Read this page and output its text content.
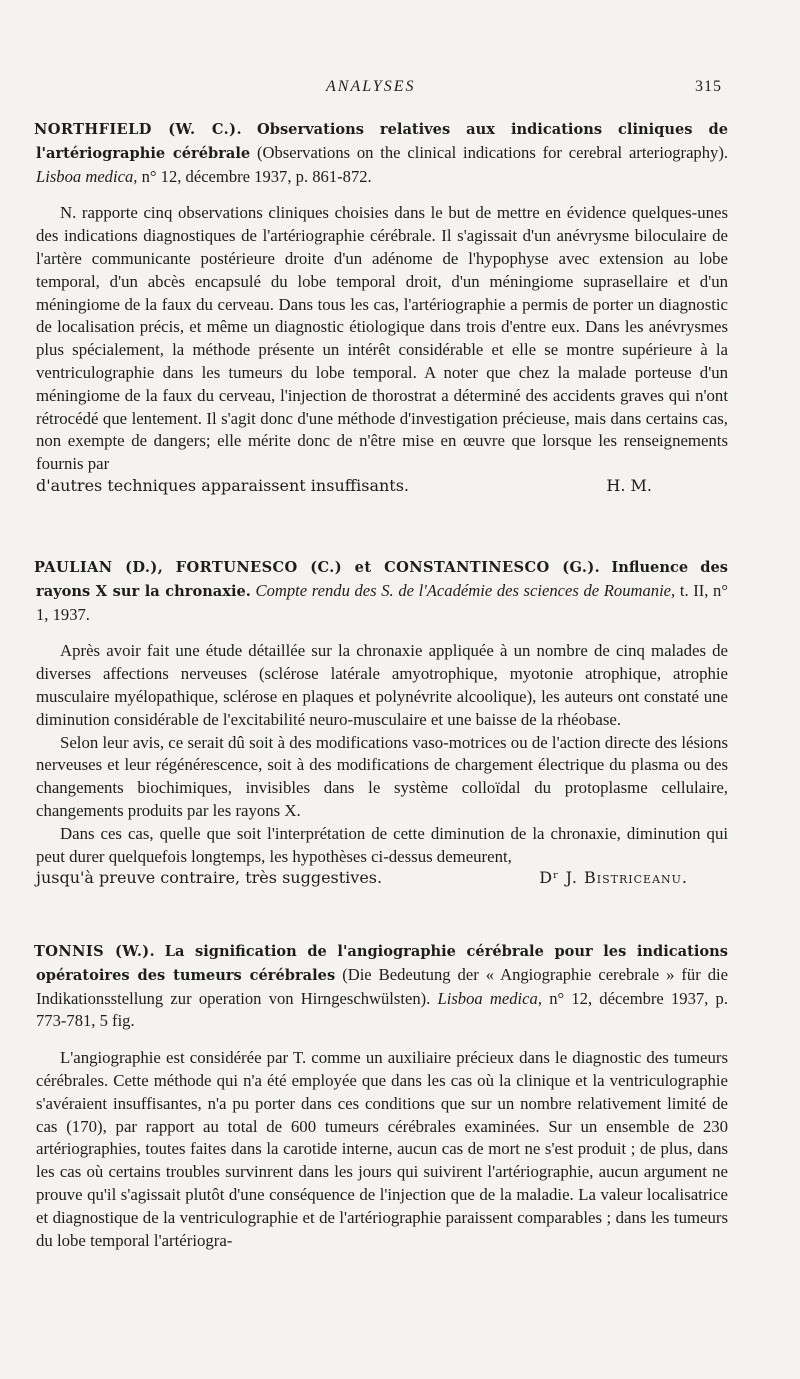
ANALYSES	315
NORTHFIELD (W. C.). Observations relatives aux indications cliniques de l'artériographie cérébrale (Observations on the clinical indications for cerebral arteriography). Lisboa medica, n° 12, décembre 1937, p. 861-872.

N. rapporte cinq observations cliniques choisies dans le but de mettre en évidence quelques-unes des indications diagnostiques de l'artériographie cérébrale. Il s'agissait d'un anévrysme biloculaire de l'artère communicante postérieure droite d'un adénome de l'hypophyse avec extension au lobe temporal, d'un abcès encapsulé du lobe temporal droit, d'un méningiome suprasellaire et d'un méningiome de la faux du cerveau. Dans tous les cas, l'artériographie a permis de porter un diagnostic de localisation précis, et même un diagnostic étiologique dans trois d'entre eux. Dans les anévrysmes plus spécialement, la méthode présente un intérêt considérable et elle se montre supérieure à la ventriculographie dans les tumeurs du lobe temporal. A noter que chez la malade porteuse d'un méningiome de la faux du cerveau, l'injection de thorostrat a déterminé des accidents graves qui n'ont rétrocédé que lentement. Il s'agit donc d'une méthode d'investigation précieuse, mais dans certains cas, non exempte de dangers; elle mérite donc de n'être mise en œuvre que lorsque les renseignements fournis par

d'autres techniques apparaissent insuffisants.	H. M.
PAULIAN (D.), FORTUNESCO (C.) et CONSTANTINESCO (G.). Influence des rayons X sur la chronaxie. Compte rendu des S. de l'Académie des sciences de Roumanie, t. II, n° 1, 1937.

Après avoir fait une étude détaillée sur la chronaxie appliquée à un nombre de cinq malades de diverses affections nerveuses (sclérose latérale amyotrophique, myotonie atrophique, atrophie musculaire myélopathique, sclérose en plaques et polynévrite alcoolique), les auteurs ont constaté une diminution considérable de l'excitabilité neuro-musculaire et une baisse de la rhéobase.

Selon leur avis, ce serait dû soit à des modifications vaso-motrices ou de l'action directe des lésions nerveuses et leur régénérescence, soit à des modifications de chargement électrique du plasma ou des changements biochimiques, invisibles dans le système colloïdal du protoplasme cellulaire, changements produits par les rayons X.

Dans ces cas, quelle que soit l'interprétation de cette diminution de la chronaxie, diminution qui peut durer quelquefois longtemps, les hypothèses ci-dessus demeurent,

jusqu'à preuve contraire, très suggestives.	Dʳ J. Bistriceanu.
TONNIS (W.). La signification de l'angiographie cérébrale pour les indications opératoires des tumeurs cérébrales (Die Bedeutung der « Angiographie cerebrale » für die Indikationsstellung zur operation von Hirngeschwülsten). Lisboa medica, n° 12, décembre 1937, p. 773-781, 5 fig.

L'angiographie est considérée par T. comme un auxiliaire précieux dans le diagnostic des tumeurs cérébrales. Cette méthode qui n'a été employée que dans les cas où la clinique et la ventriculographie s'avéraient insuffisantes, n'a pu porter dans ces conditions que sur un nombre relativement limité de cas (170), par rapport au total de 600 tumeurs cérébrales examinées. Sur un ensemble de 230 artériographies, toutes faites dans la carotide interne, aucun cas de mort ne s'est produit ; de plus, dans les cas où certains troubles survinrent dans les jours qui suivirent l'artériographie, aucun argument ne prouve qu'il s'agissait plutôt d'une conséquence de l'injection que de la maladie. La valeur localisatrice et diagnostique de la ventriculographie et de l'artériographie paraissent comparables ; dans les tumeurs du lobe temporal l'artériogra-
